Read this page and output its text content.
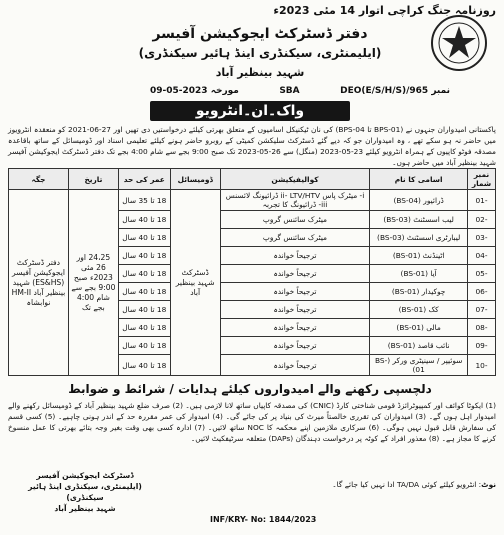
روزنامہ جنگ کراچی اتوار 14 مئی 2023ء
دفتر ڈسٹرکٹ ایجوکیشن آفیسر
(ایلیمنٹری، سیکنڈری اینڈ ہائیر سیکنڈری)
شہید بینظیر آباد
09-05-2023 مورخہ	SBA	DEO(E/S/H/S)/965 نمبر
واک۔ان۔انٹرویو
پاکستانی امیدواران جنہوں نے (BPS-01 تا BPS-04) کی نان ٹیکنیکل اسامیوں کے متعلق بھرتی کیلئے درخواستیں دی تھیں اور 27-06-2021 کو منعقدہ انٹرویوز میں حاضر نہ ہو سکے تھے ، وہ امیدواران جو کہ دیے گئے ڈسٹرکٹ سلیکشن کمیٹی کے روبرو حاضر ہونے کیلئے تعلیمی اسناد اور ڈومیسائل کے ساتھ باقاعدہ مصدقہ فوٹو کاپیوں کے ہمراہ انٹرویو کیلئے 23-05-2023 (منگل) سے 26-05-2023 تک صبح 9:00 بجے سے شام 4:00 بجے تک دفتر ڈسٹرکٹ ایجوکیشن آفیسر شہید بینظیر آباد میں حاضر ہوں۔
نمبر شمار	اسامی کا نام	کوالیفیکیشن	ڈومیسائل	عمر کی حد	تاریخ	جگہ
-01	ڈرائیور (BS-04)	i- میٹرک پاس ii- LTV/HTV ڈرائیونگ لائسنس iii- ڈرائیونگ کا تجربہ	ڈسٹرکٹ شہید بینظیر آباد	18 تا 35 سال	24،25 اور 26 مئی 2023ء صبح 9:00 بجے سے شام 4:00 بجے تک	دفتر ڈسٹرکٹ ایجوکیشن آفیسر (ES&HS) شہید بینظیر آباد HM-II نوابشاہ
-02	لیب اسسٹنٹ (BS-03)	میٹرک سائنس گروپ		18 تا 40 سال		
-03	لیبارٹری اسسٹنٹ (BS-03)	میٹرک سائنس گروپ		18 تا 40 سال		
-04	اٹینڈنٹ (BS-01)	ترجیحاً خواندہ		18 تا 40 سال		
-05	آیا (BS-01)	ترجیحاً خواندہ		18 تا 40 سال		
-06	چوکیدار (BS-01)	ترجیحاً خواندہ		18 تا 40 سال		
-07	کک (BS-01)	ترجیحاً خواندہ		18 تا 40 سال		
-08	مالی (BS-01)	ترجیحاً خواندہ		18 تا 40 سال		
-09	نائب قاصد (BS-01)	ترجیحاً خواندہ		18 تا 40 سال		
-10	سوئیپر / سینیٹری ورکر (BS-01)	ترجیحاً خواندہ		18 تا 40 سال		
دلچسپی رکھنے والے امیدواروں کیلئے ہدایات / شرائط و ضوابط
(1) ایکوٹا کوائف اور کمپیوٹرائزڈ قومی شناختی کارڈ (CNIC) کی مصدقہ کاپیاں ساتھ لانا لازمی ہیں۔ (2) صرف ضلع شہید بینظیر آباد کے ڈومیسائل رکھنے والے امیدوار اہل ہوں گے۔ (3) امیدواران کی تقرری خالصتاً میرٹ کی بنیاد پر کی جائے گی۔ (4) امیدوار کی عمر مقررہ حد کے اندر ہونی چاہیے۔ (5) کسی قسم کی سفارش قابل قبول نہیں ہوگی۔ (6) سرکاری ملازمین اپنے محکمہ کا NOC ساتھ لائیں۔ (7) ادارہ کسی بھی وقت بغیر وجہ بتائے بھرتی کا عمل منسوخ کرنے کا مجاز ہے۔ (8) معذور افراد کے کوٹہ پر درخواست دہندگان (DAPs) متعلقہ سرٹیفکیٹ لائیں۔
نوٹ: انٹرویو کیلئے کوئی TA/DA ادا نہیں کیا جائے گا۔
ڈسٹرکٹ ایجوکیشن آفیسر
(ایلیمنٹری، سیکنڈری اینڈ ہائیر سیکنڈری)
شہید بینظیر آباد
INF/KRY- No: 1844/2023
